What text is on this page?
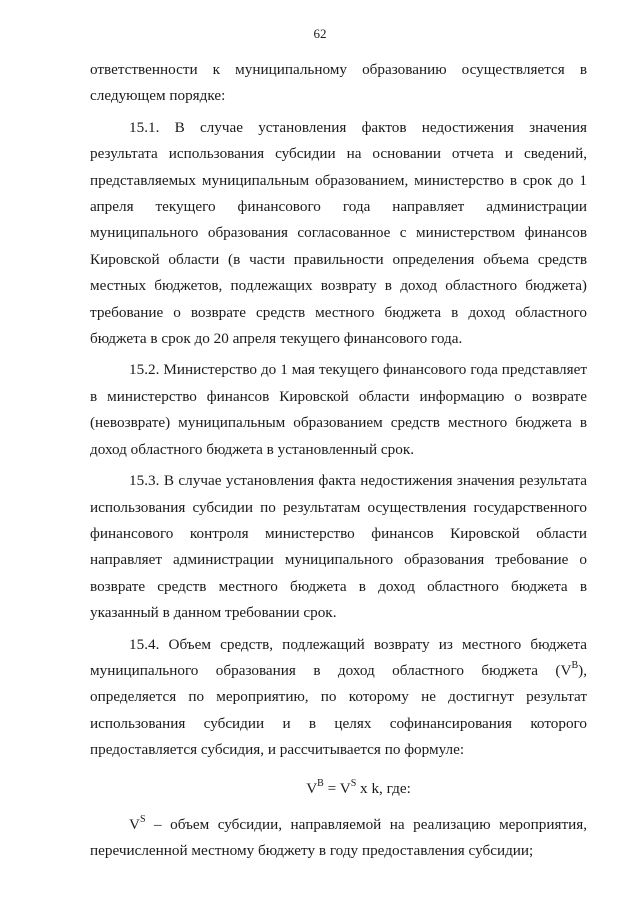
62

ответственности к муниципальному образованию осуществляется в следующем порядке:

15.1. В случае установления фактов недостижения значения результата использования субсидии на основании отчета и сведений, представляемых муниципальным образованием, министерство в срок до 1 апреля текущего финансового года направляет администрации муниципального образования согласованное с министерством финансов Кировской области (в части правильности определения объема средств местных бюджетов, подлежащих возврату в доход областного бюджета) требование о возврате средств местного бюджета в доход областного бюджета в срок до 20 апреля текущего финансового года.

15.2. Министерство до 1 мая текущего финансового года представляет в министерство финансов Кировской области информацию о возврате (невозврате) муниципальным образованием средств местного бюджета в доход областного бюджета в установленный срок.

15.3. В случае установления факта недостижения значения результата использования субсидии по результатам осуществления государственного финансового контроля министерство финансов Кировской области направляет администрации муниципального образования требование о возврате средств местного бюджета в доход областного бюджета в указанный в данном требовании срок.

15.4. Объем средств, подлежащий возврату из местного бюджета муниципального образования в доход областного бюджета $(V^B)$, определяется по мероприятию, по которому не достигнут результат использования субсидии и в целях софинансирования которого предоставляется субсидия, и рассчитывается по формуле:

$V^B = V^S$ x k, где:

$V^S$ – объем субсидии, направляемой на реализацию мероприятия, перечисленной местному бюджету в году предоставления субсидии;
